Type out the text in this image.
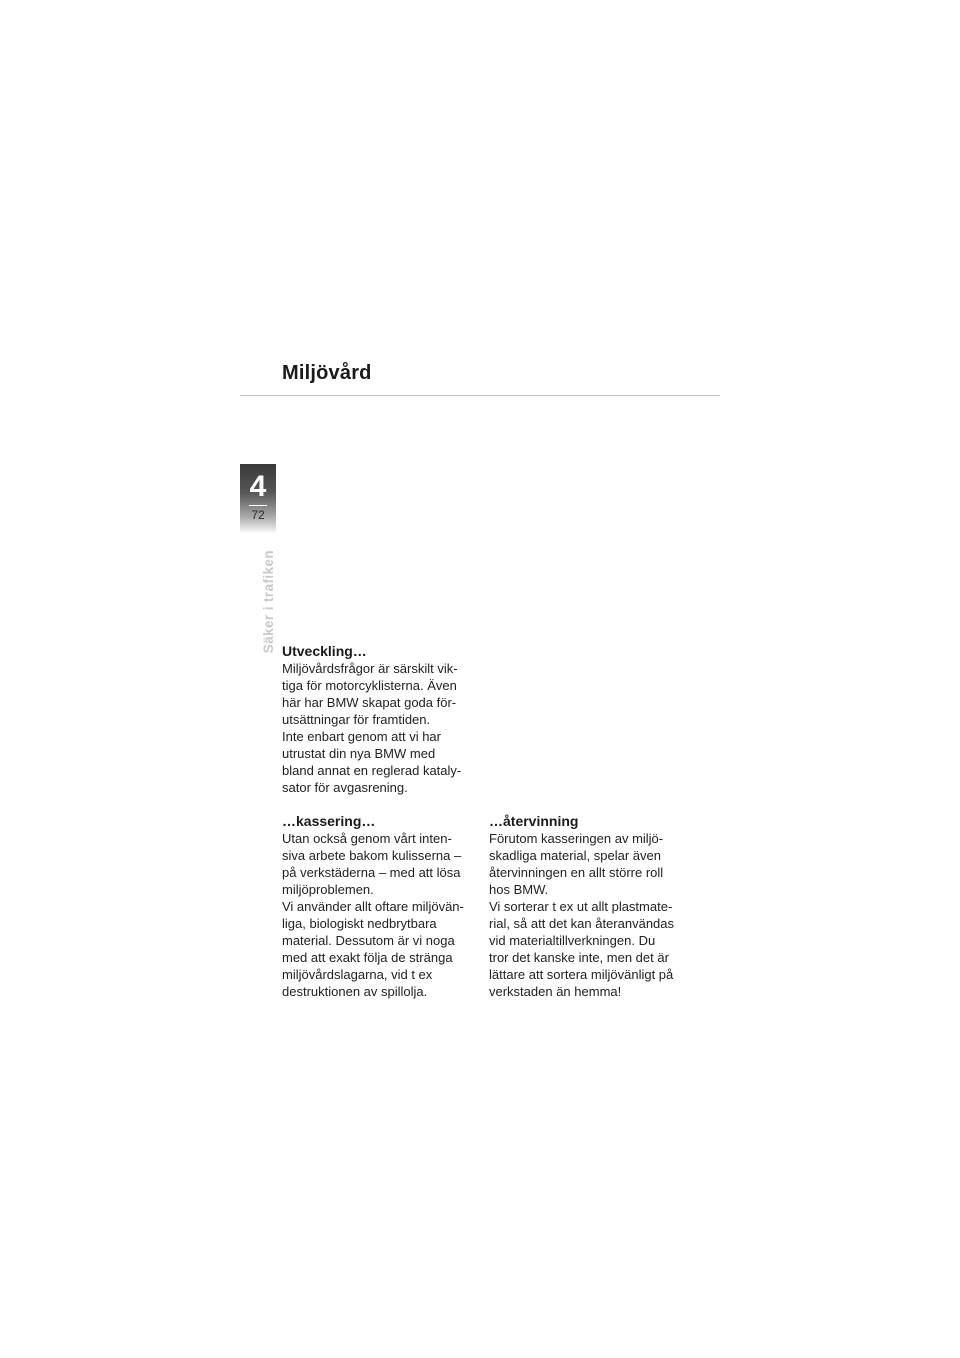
Miljövård
4
72
Säker i trafiken Utveckling…

Miljövårdsfrågor är särskilt vik-
tiga för motorcyklisterna. Även
här har BMW skapat goda för-
utsättningar för framtiden.

Inte enbart genom att vi har
utrustat din nya BMW med
bland annat en reglerad kataly-
sator för avgasrening.

…kassering…

Utan också genom vårt inten-
siva arbete bakom kulisserna –
på verkstäderna – med att lösa
miljöproblemen.

Vi använder allt oftare miljövän-
liga, biologiskt nedbrytbara
material. Dessutom är vi noga
med att exakt följa de stränga
miljövårdslagarna, vid t ex
destruktionen av spillolja.

…återvinning

Förutom kasseringen av miljö-
skadliga material, spelar även
återvinningen en allt större roll
hos BMW.

Vi sorterar t ex ut allt plastmate-
rial, så att det kan återanvändas
vid materialtillverkningen. Du
tror det kanske inte, men det är
lättare att sortera miljövänligt på
verkstaden än hemma!
